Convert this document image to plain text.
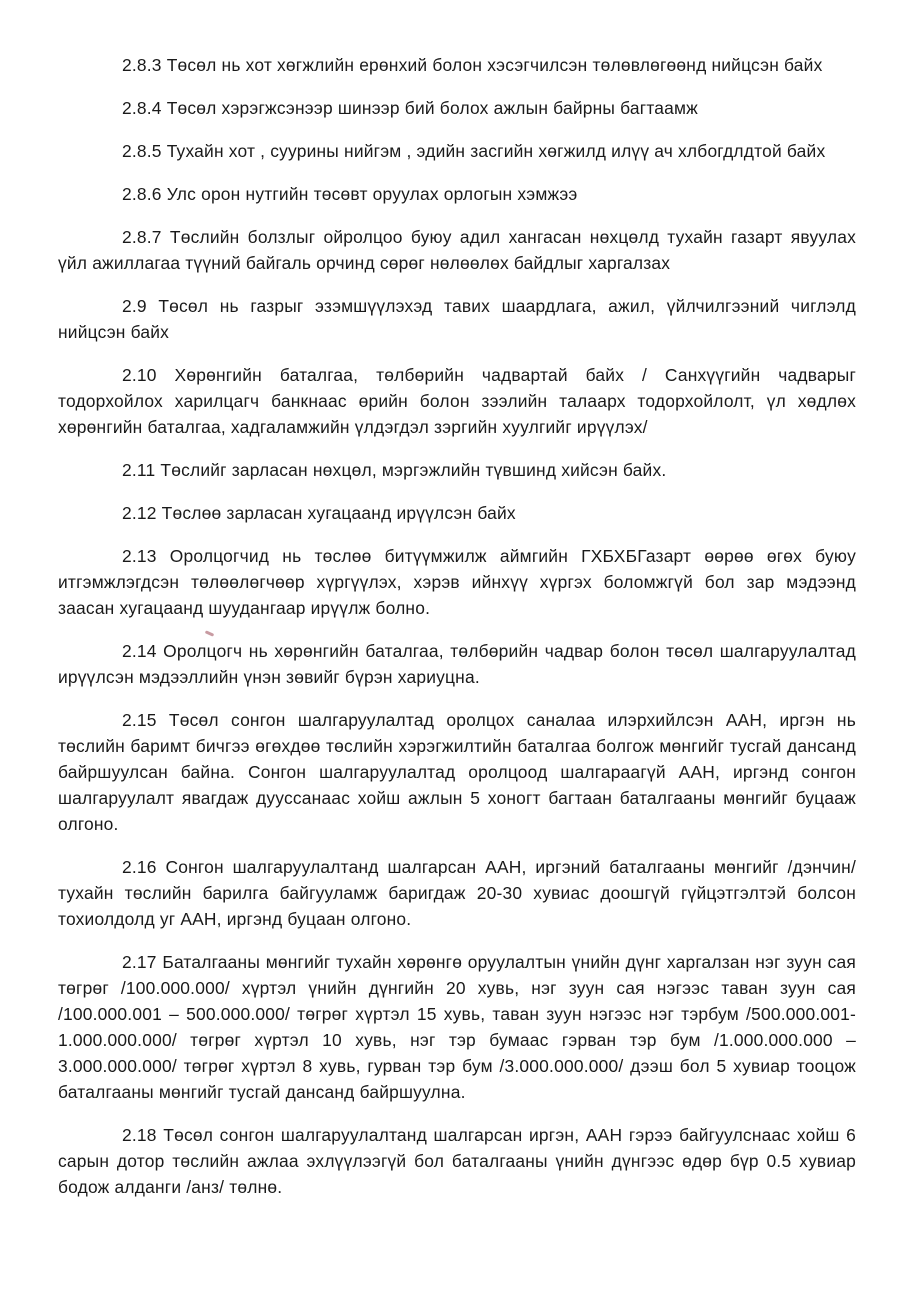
2.8.3 Төсөл нь хот хөгжлийн ерөнхий болон хэсэгчилсэн төлөвлөгөөнд нийцсэн байх

2.8.4 Төсөл хэрэгжсэнээр шинээр бий болох ажлын байрны багтаамж

2.8.5 Тухайн хот , суурины нийгэм , эдийн засгийн хөгжилд илүү ач хлбогдлдтой байх

2.8.6 Улс орон нутгийн төсөвт оруулах орлогын хэмжээ

2.8.7 Төслийн болзлыг ойролцоо буюу адил хангасан нөхцөлд тухайн газарт явуулах үйл ажиллагаа түүний байгаль орчинд сөрөг нөлөөлөх байдлыг харгалзах

2.9 Төсөл нь газрыг эзэмшүүлэхэд тавих шаардлага, ажил, үйлчилгээний чиглэлд нийцсэн байх

2.10 Хөрөнгийн баталгаа, төлбөрийн чадвартай байх / Санхүүгийн чадварыг тодорхойлох харилцагч банкнаас өрийн болон зээлийн талаарх тодорхойлолт, үл хөдлөх хөрөнгийн баталгаа, хадгаламжийн үлдэгдэл зэргийн хуулгийг ирүүлэх/

2.11 Төслийг зарласан нөхцөл, мэргэжлийн түвшинд хийсэн байх.

2.12 Төслөө зарласан хугацаанд ирүүлсэн байх

2.13 Оролцогчид нь төслөө битүүмжилж аймгийн ГХБХБГазарт өөрөө өгөх буюу итгэмжлэгдсэн төлөөлөгчөөр хүргүүлэх, хэрэв ийнхүү хүргэх боломжгүй бол зар мэдээнд заасан хугацаанд шуудангаар ирүүлж болно.

2.14 Оролцогч нь хөрөнгийн баталгаа, төлбөрийн чадвар болон төсөл шалгаруулалтад ирүүлсэн мэдээллийн үнэн зөвийг бүрэн хариуцна.

2.15 Төсөл сонгон шалгаруулалтад оролцох саналаа илэрхийлсэн ААН, иргэн нь төслийн баримт бичгээ өгөхдөө төслийн хэрэгжилтийн баталгаа болгож мөнгийг тусгай дансанд байршуулсан байна. Сонгон шалгаруулалтад оролцоод шалгараагүй ААН, иргэнд сонгон шалгаруулалт явагдаж дууссанаас хойш ажлын 5 хоногт багтаан баталгааны мөнгийг буцааж олгоно.

2.16 Сонгон шалгаруулалтанд шалгарсан ААН, иргэний баталгааны мөнгийг /дэнчин/ тухайн төслийн барилга байгууламж баригдаж 20-30 хувиас доошгүй гүйцэтгэлтэй болсон тохиолдолд уг ААН, иргэнд буцаан олгоно.

2.17 Баталгааны мөнгийг тухайн хөрөнгө оруулалтын үнийн дүнг харгалзан нэг зуун сая төгрөг /100.000.000/ хүртэл үнийн дүнгийн 20 хувь, нэг зуун сая нэгээс таван зуун сая /100.000.001 – 500.000.000/ төгрөг хүртэл 15 хувь, таван зуун нэгээс нэг тэрбум /500.000.001-1.000.000.000/ төгрөг хүртэл 10 хувь, нэг тэр бумаас гэрван тэр бум /1.000.000.000 – 3.000.000.000/ төгрөг хүртэл 8 хувь, гурван тэр бум /3.000.000.000/ дээш бол 5 хувиар тооцож баталгааны мөнгийг тусгай дансанд байршуулна.

2.18 Төсөл сонгон шалгаруулалтанд шалгарсан иргэн, ААН гэрээ байгуулснаас хойш 6 сарын дотор төслийн ажлаа эхлүүлээгүй бол баталгааны үнийн дүнгээс өдөр бүр 0.5 хувиар бодож алданги /анз/ төлнө.
